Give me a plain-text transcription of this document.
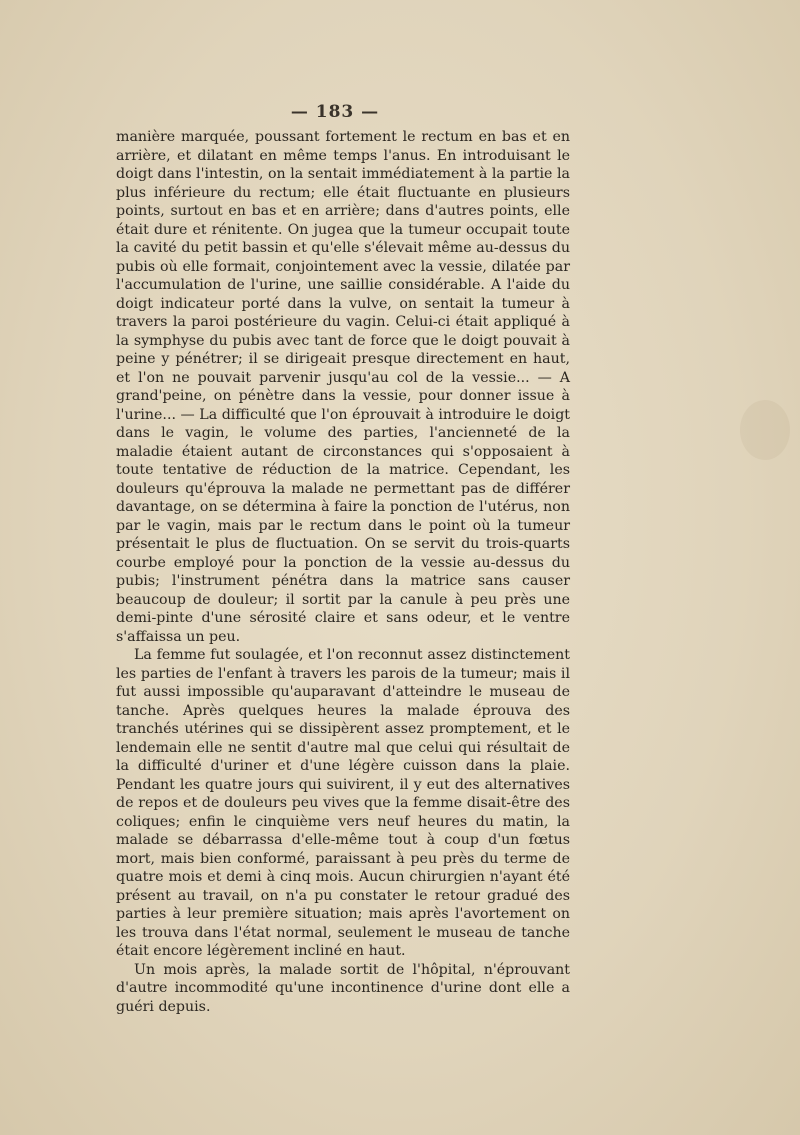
— 183 —

manière marquée, poussant fortement le rectum en bas et en arrière, et dilatant en même temps l'anus. En introduisant le doigt dans l'intestin, on la sentait immédiatement à la partie la plus inférieure du rectum; elle était fluctuante en plusieurs points, surtout en bas et en arrière; dans d'autres points, elle était dure et rénitente. On jugea que la tumeur occupait toute la cavité du petit bassin et qu'elle s'élevait même au-dessus du pubis où elle formait, conjointement avec la vessie, dilatée par l'accumulation de l'urine, une saillie considérable. A l'aide du doigt indicateur porté dans la vulve, on sentait la tumeur à travers la paroi postérieure du vagin. Celui-ci était appliqué à la symphyse du pubis avec tant de force que le doigt pouvait à peine y pénétrer; il se dirigeait presque directement en haut, et l'on ne pouvait parvenir jusqu'au col de la vessie... — A grand'peine, on pénètre dans la vessie, pour donner issue à l'urine... — La difficulté que l'on éprouvait à introduire le doigt dans le vagin, le volume des parties, l'ancienneté de la maladie étaient autant de circonstances qui s'opposaient à toute tentative de réduction de la matrice. Cependant, les douleurs qu'éprouva la malade ne permettant pas de différer davantage, on se détermina à faire la ponction de l'utérus, non par le vagin, mais par le rectum dans le point où la tumeur présentait le plus de fluctuation. On se servit du trois-quarts courbe employé pour la ponction de la vessie au-dessus du pubis; l'instrument pénétra dans la matrice sans causer beaucoup de douleur; il sortit par la canule à peu près une demi-pinte d'une sérosité claire et sans odeur, et le ventre s'affaissa un peu.

La femme fut soulagée, et l'on reconnut assez distinctement les parties de l'enfant à travers les parois de la tumeur; mais il fut aussi impossible qu'auparavant d'atteindre le museau de tanche. Après quelques heures la malade éprouva des tranchés utérines qui se dissipèrent assez promptement, et le lendemain elle ne sentit d'autre mal que celui qui résultait de la difficulté d'uriner et d'une légère cuisson dans la plaie. Pendant les quatre jours qui suivirent, il y eut des alternatives de repos et de douleurs peu vives que la femme disait-être des coliques; enfin le cinquième vers neuf heures du matin, la malade se débarrassa d'elle-même tout à coup d'un fœtus mort, mais bien conformé, paraissant à peu près du terme de quatre mois et demi à cinq mois. Aucun chirurgien n'ayant été présent au travail, on n'a pu constater le retour gradué des parties à leur première situation; mais après l'avortement on les trouva dans l'état normal, seulement le museau de tanche était encore légèrement incliné en haut.

Un mois après, la malade sortit de l'hôpital, n'éprouvant d'autre incommodité qu'une incontinence d'urine dont elle a guéri depuis.
